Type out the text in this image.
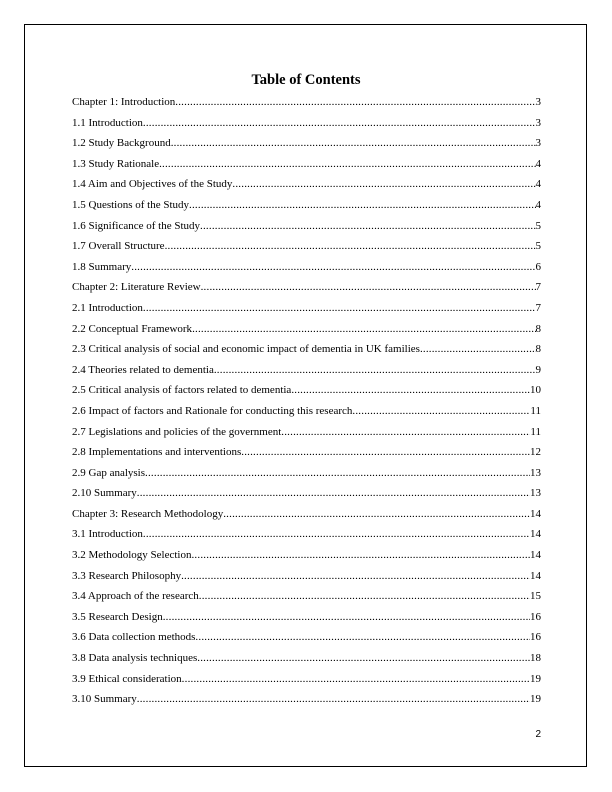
Table of Contents
Chapter 1: Introduction .....	3
1.1 Introduction .....	3
1.2 Study Background .....	3
1.3 Study Rationale .....	4
1.4 Aim and Objectives of the Study .....	4
1.5 Questions of the Study .....	4
1.6 Significance of the Study .....	5
1.7 Overall Structure .....	5
1.8 Summary .....	6
Chapter 2: Literature Review .....	7
2.1 Introduction .....	7
2.2 Conceptual Framework .....	8
2.3 Critical analysis of social and economic impact of dementia in UK families .....	8
2.4 Theories related to dementia .....	9
2.5 Critical analysis of factors related to dementia .....	10
2.6 Impact of factors and Rationale for conducting this research .....	11
2.7 Legislations and policies of the government .....	11
2.8 Implementations and interventions .....	12
2.9 Gap analysis .....	13
2.10 Summary .....	13
Chapter 3: Research Methodology .....	14
3.1 Introduction .....	14
3.2 Methodology Selection .....	14
3.3 Research Philosophy .....	14
3.4 Approach of the research .....	15
3.5 Research Design .....	16
3.6 Data collection methods .....	16
3.8 Data analysis techniques .....	18
3.9 Ethical consideration .....	19
3.10 Summary .....	19
2
